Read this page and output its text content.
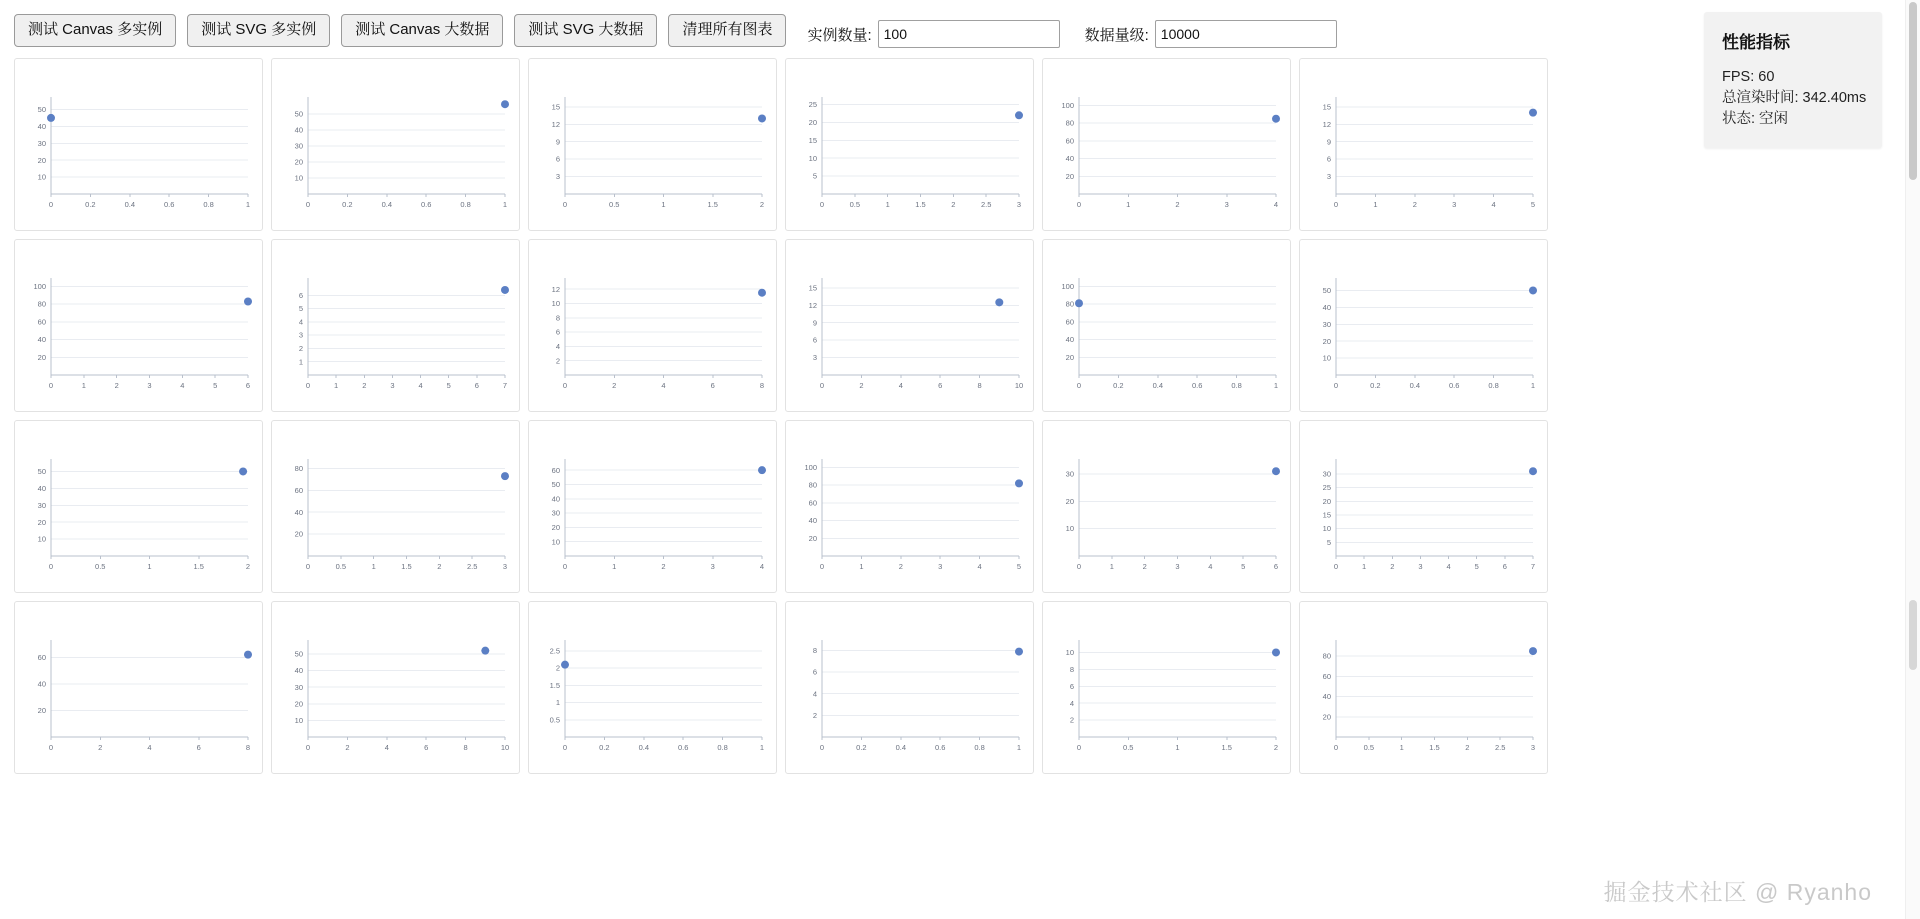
测试 Canvas 多实例	测试 SVG 多实例	测试 Canvas 大数据	测试 SVG 大数据	清理所有图表	实例数量:
100	数据量级:
10000	性能指标
FPS: 60
总渲染时间: 342.40ms
状态: 空闲
10
20
30
40
50
0	0.2	0.4	0.6	0.8	1
10
20
30
40
50
0	0.2	0.4	0.6	0.8	1
3
6
9
12
15
0	0.5	1	1.5	2
5
10
15
20
25
0	0.5	1	1.5	2	2.5	3
20
40
60
80
100
0	1	2	3	4
3
6
9
12
15
0	1	2	3	4	5
20
40
60
80
100
0	1	2	3	4	5	6
1
2
3
4
5
6
0	1	2	3	4	5	6	7
2
4
6
8
10
12
0	2	4	6	8
3
6
9
12
15
0	2	4	6	8	10
20
40
60
80
100
0	0.2	0.4	0.6	0.8	1
10
20
30
40
50
0	0.2	0.4	0.6	0.8	1
10
20
30
40
50
0	0.5	1	1.5	2
20
40
60
80
0	0.5	1	1.5	2	2.5	3
10
20
30
40
50
60
0	1	2	3	4
20
40
60
80
100
0	1	2	3	4	5
10
20
30
0	1	2	3	4	5	6
5
10
15
20
25
30
0	1	2	3	4	5	6	7
20
40
60
0	2	4	6	8
10
20
30
40
50
0	2	4	6	8	10
0.5
1
1.5
2
2.5
0	0.2	0.4	0.6	0.8	1
2
4
6
8
0	0.2	0.4	0.6	0.8	1
2
4
6
8
10
0	0.5	1	1.5	2
20
40
60
80
0	0.5	1	1.5	2	2.5	3
掘金技术社区 @ Ryanho
